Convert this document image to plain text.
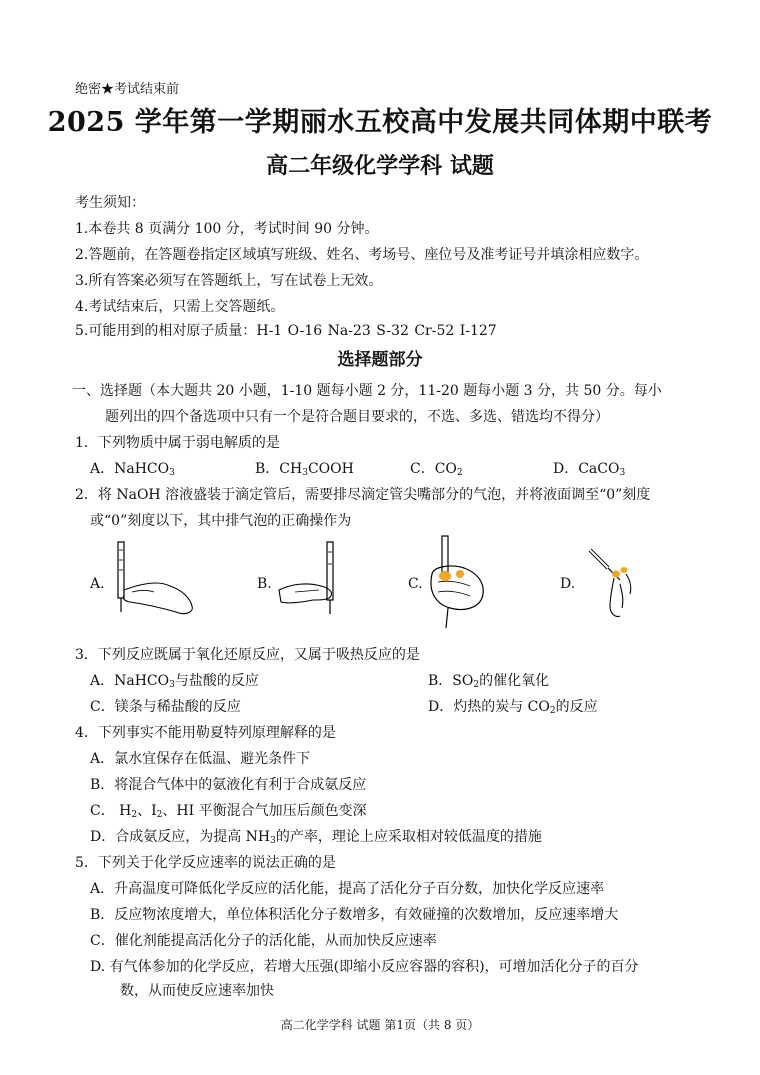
绝密★考试结束前
2025 学年第一学期丽水五校高中发展共同体期中联考
高二年级化学学科 试题
考生须知：
1.本卷共 8 页满分 100 分，考试时间 90 分钟。
2.答题前，在答题卷指定区域填写班级、姓名、考场号、座位号及准考证号并填涂相应数字。
3.所有答案必须写在答题纸上，写在试卷上无效。
4.考试结束后，只需上交答题纸。
5.可能用到的相对原子质量：H-1 O-16 Na-23 S-32 Cr-52 I-127
选择题部分
一、选择题（本大题共 20 小题，1-10 题每小题 2 分，11-20 题每小题 3 分，共 50 分。每小
题列出的四个备选项中只有一个是符合题目要求的，不选、多选、错选均不得分）
1．下列物质中属于弱电解质的是
A．NaHCO$_3$	B．$CH_3COOH$	C．$CO_2$	D．CaCO$_3$
2．将 NaOH 溶液盛装于滴定管后，需要排尽滴定管尖嘴部分的气泡，并将液面调至“0”刻度
或“0”刻度以下，其中排气泡的正确操作为
A.	B.	C.	D.
3．下列反应既属于氧化还原反应，又属于吸热反应的是
A．NaHCO$_3$与盐酸的反应	B．$SO_2$的催化氧化
C．镁条与稀盐酸的反应	D．灼热的炭与 $CO_2$的反应
4．下列事实不能用勒夏特列原理解释的是
A．氯水宜保存在低温、避光条件下
B．将混合气体中的氨液化有利于合成氨反应
C． $H_2$、$I_2$、HI 平衡混合气加压后颜色变深
D．合成氨反应，为提高 $NH_3$的产率，理论上应采取相对较低温度的措施
5．下列关于化学反应速率的说法正确的是
A．升高温度可降低化学反应的活化能，提高了活化分子百分数，加快化学反应速率
B．反应物浓度增大，单位体积活化分子数增多，有效碰撞的次数增加，反应速率增大
C．催化剂能提高活化分子的活化能，从而加快反应速率
D. 有气体参加的化学反应，若增大压强(即缩小反应容器的容积)，可增加活化分子的百分
数，从而使反应速率加快
高二化学学科 试题 第1页（共 8 页）
